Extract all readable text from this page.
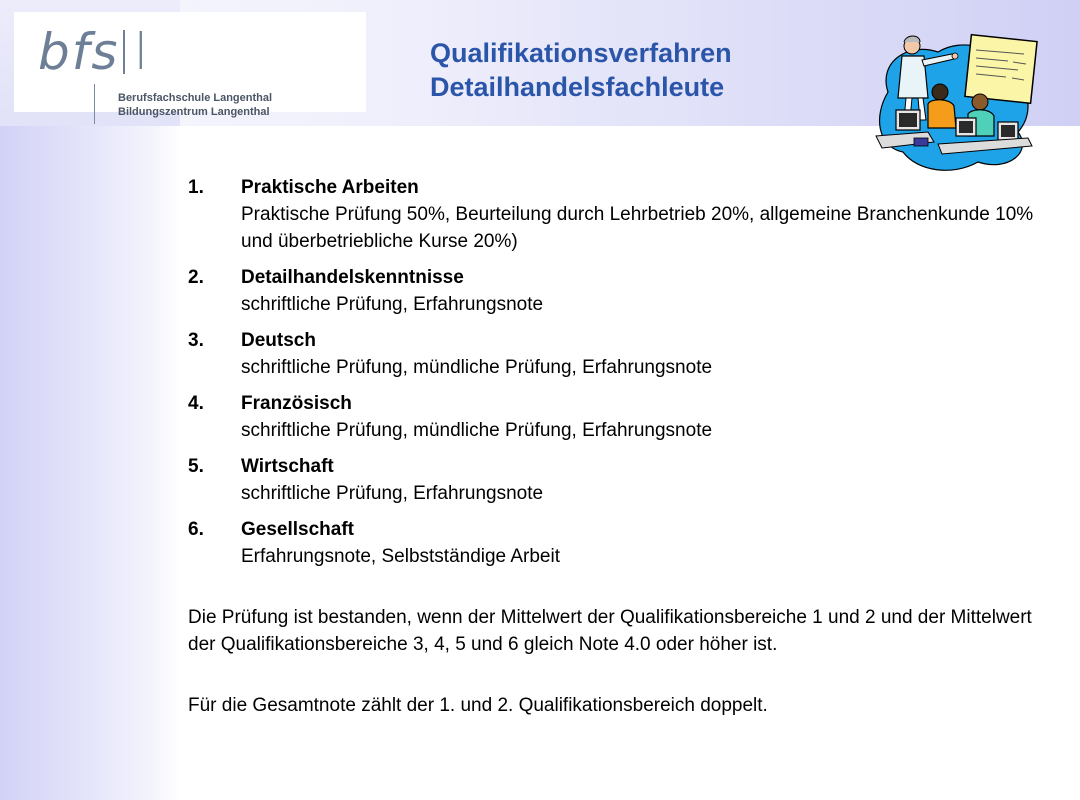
bfs l
Berufsfachschule Langenthal
Bildungszentrum Langenthal
Qualifikationsverfahren
Detailhandelsfachleute
1. Praktische Arbeiten
Praktische Prüfung 50%, Beurteilung durch Lehrbetrieb 20%, allgemeine Branchenkunde 10% und überbetriebliche Kurse 20%)
2. Detailhandelskenntnisse
schriftliche Prüfung, Erfahrungsnote
3. Deutsch
schriftliche Prüfung, mündliche Prüfung, Erfahrungsnote
4. Französisch
schriftliche Prüfung, mündliche Prüfung, Erfahrungsnote
5. Wirtschaft
schriftliche Prüfung, Erfahrungsnote
6. Gesellschaft
Erfahrungsnote, Selbstständige Arbeit

Die Prüfung ist bestanden, wenn der Mittelwert der Qualifikationsbereiche 1 und 2 und der Mittelwert der Qualifikationsbereiche 3, 4, 5 und 6 gleich Note 4.0 oder höher ist.

Für die Gesamtnote zählt der 1. und 2. Qualifikationsbereich doppelt.
